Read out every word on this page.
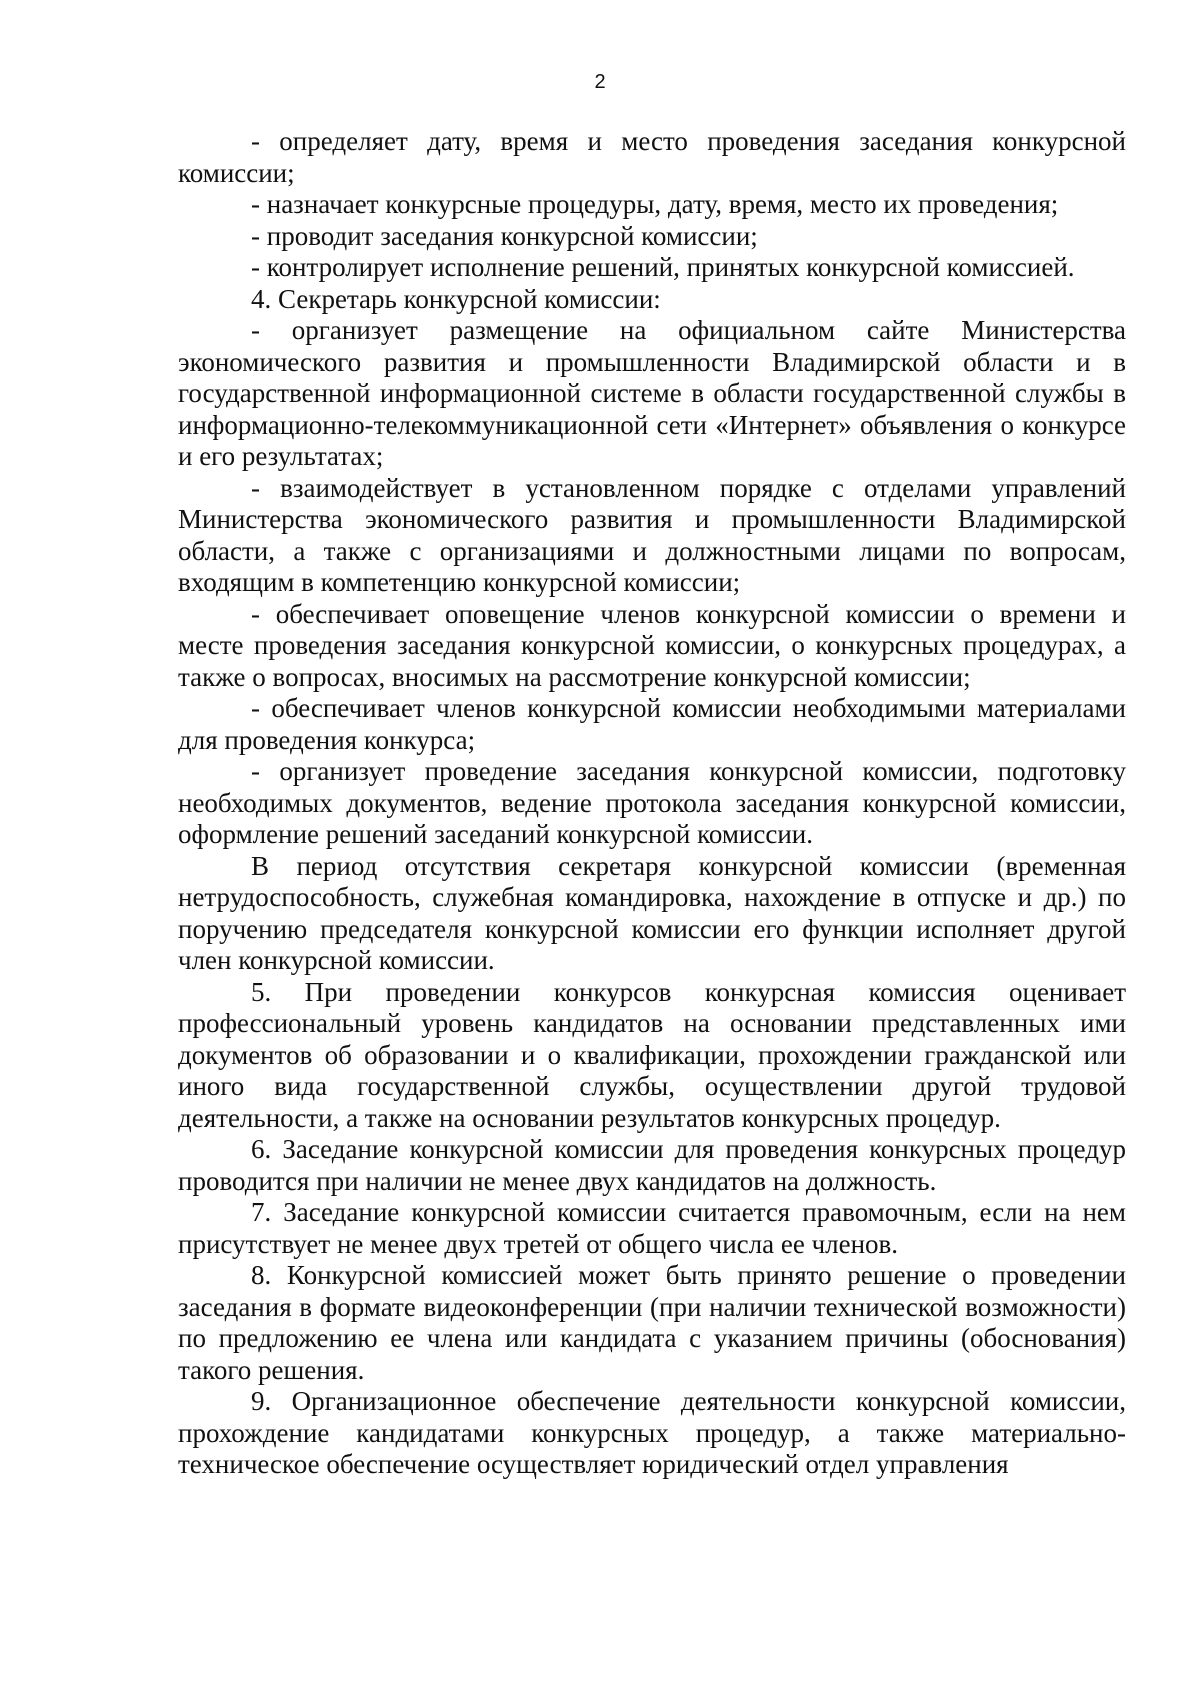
2

- определяет дату, время и место проведения заседания конкурсной комиссии;

- назначает конкурсные процедуры, дату, время, место их проведения;

- проводит заседания конкурсной комиссии;

- контролирует исполнение решений, принятых конкурсной комиссией.

4. Секретарь конкурсной комиссии:

- организует размещение на официальном сайте Министерства экономического развития и промышленности Владимирской области и в государственной информационной системе в области государственной службы в информационно-телекоммуникационной сети «Интернет» объявления о конкурсе и его результатах;

- взаимодействует в установленном порядке с отделами управлений Министерства экономического развития и промышленности Владимирской области, а также с организациями и должностными лицами по вопросам, входящим в компетенцию конкурсной комиссии;

- обеспечивает оповещение членов конкурсной комиссии о времени и месте проведения заседания конкурсной комиссии, о конкурсных процедурах, а также о вопросах, вносимых на рассмотрение конкурсной комиссии;

- обеспечивает членов конкурсной комиссии необходимыми материалами для проведения конкурса;

- организует проведение заседания конкурсной комиссии, подготовку необходимых документов, ведение протокола заседания конкурсной комиссии, оформление решений заседаний конкурсной комиссии.

В период отсутствия секретаря конкурсной комиссии (временная нетрудоспособность, служебная командировка, нахождение в отпуске и др.) по поручению председателя конкурсной комиссии его функции исполняет другой член конкурсной комиссии.

5. При проведении конкурсов конкурсная комиссия оценивает профессиональный уровень кандидатов на основании представленных ими документов об образовании и о квалификации, прохождении гражданской или иного вида государственной службы, осуществлении другой трудовой деятельности, а также на основании результатов конкурсных процедур.

6. Заседание конкурсной комиссии для проведения конкурсных процедур проводится при наличии не менее двух кандидатов на должность.

7. Заседание конкурсной комиссии считается правомочным, если на нем присутствует не менее двух третей от общего числа ее членов.

8. Конкурсной комиссией может быть принято решение о проведении заседания в формате видеоконференции (при наличии технической возможности) по предложению ее члена или кандидата с указанием причины (обоснования) такого решения.

9. Организационное обеспечение деятельности конкурсной комиссии, прохождение кандидатами конкурсных процедур, а также материально-техническое обеспечение осуществляет юридический отдел управления
